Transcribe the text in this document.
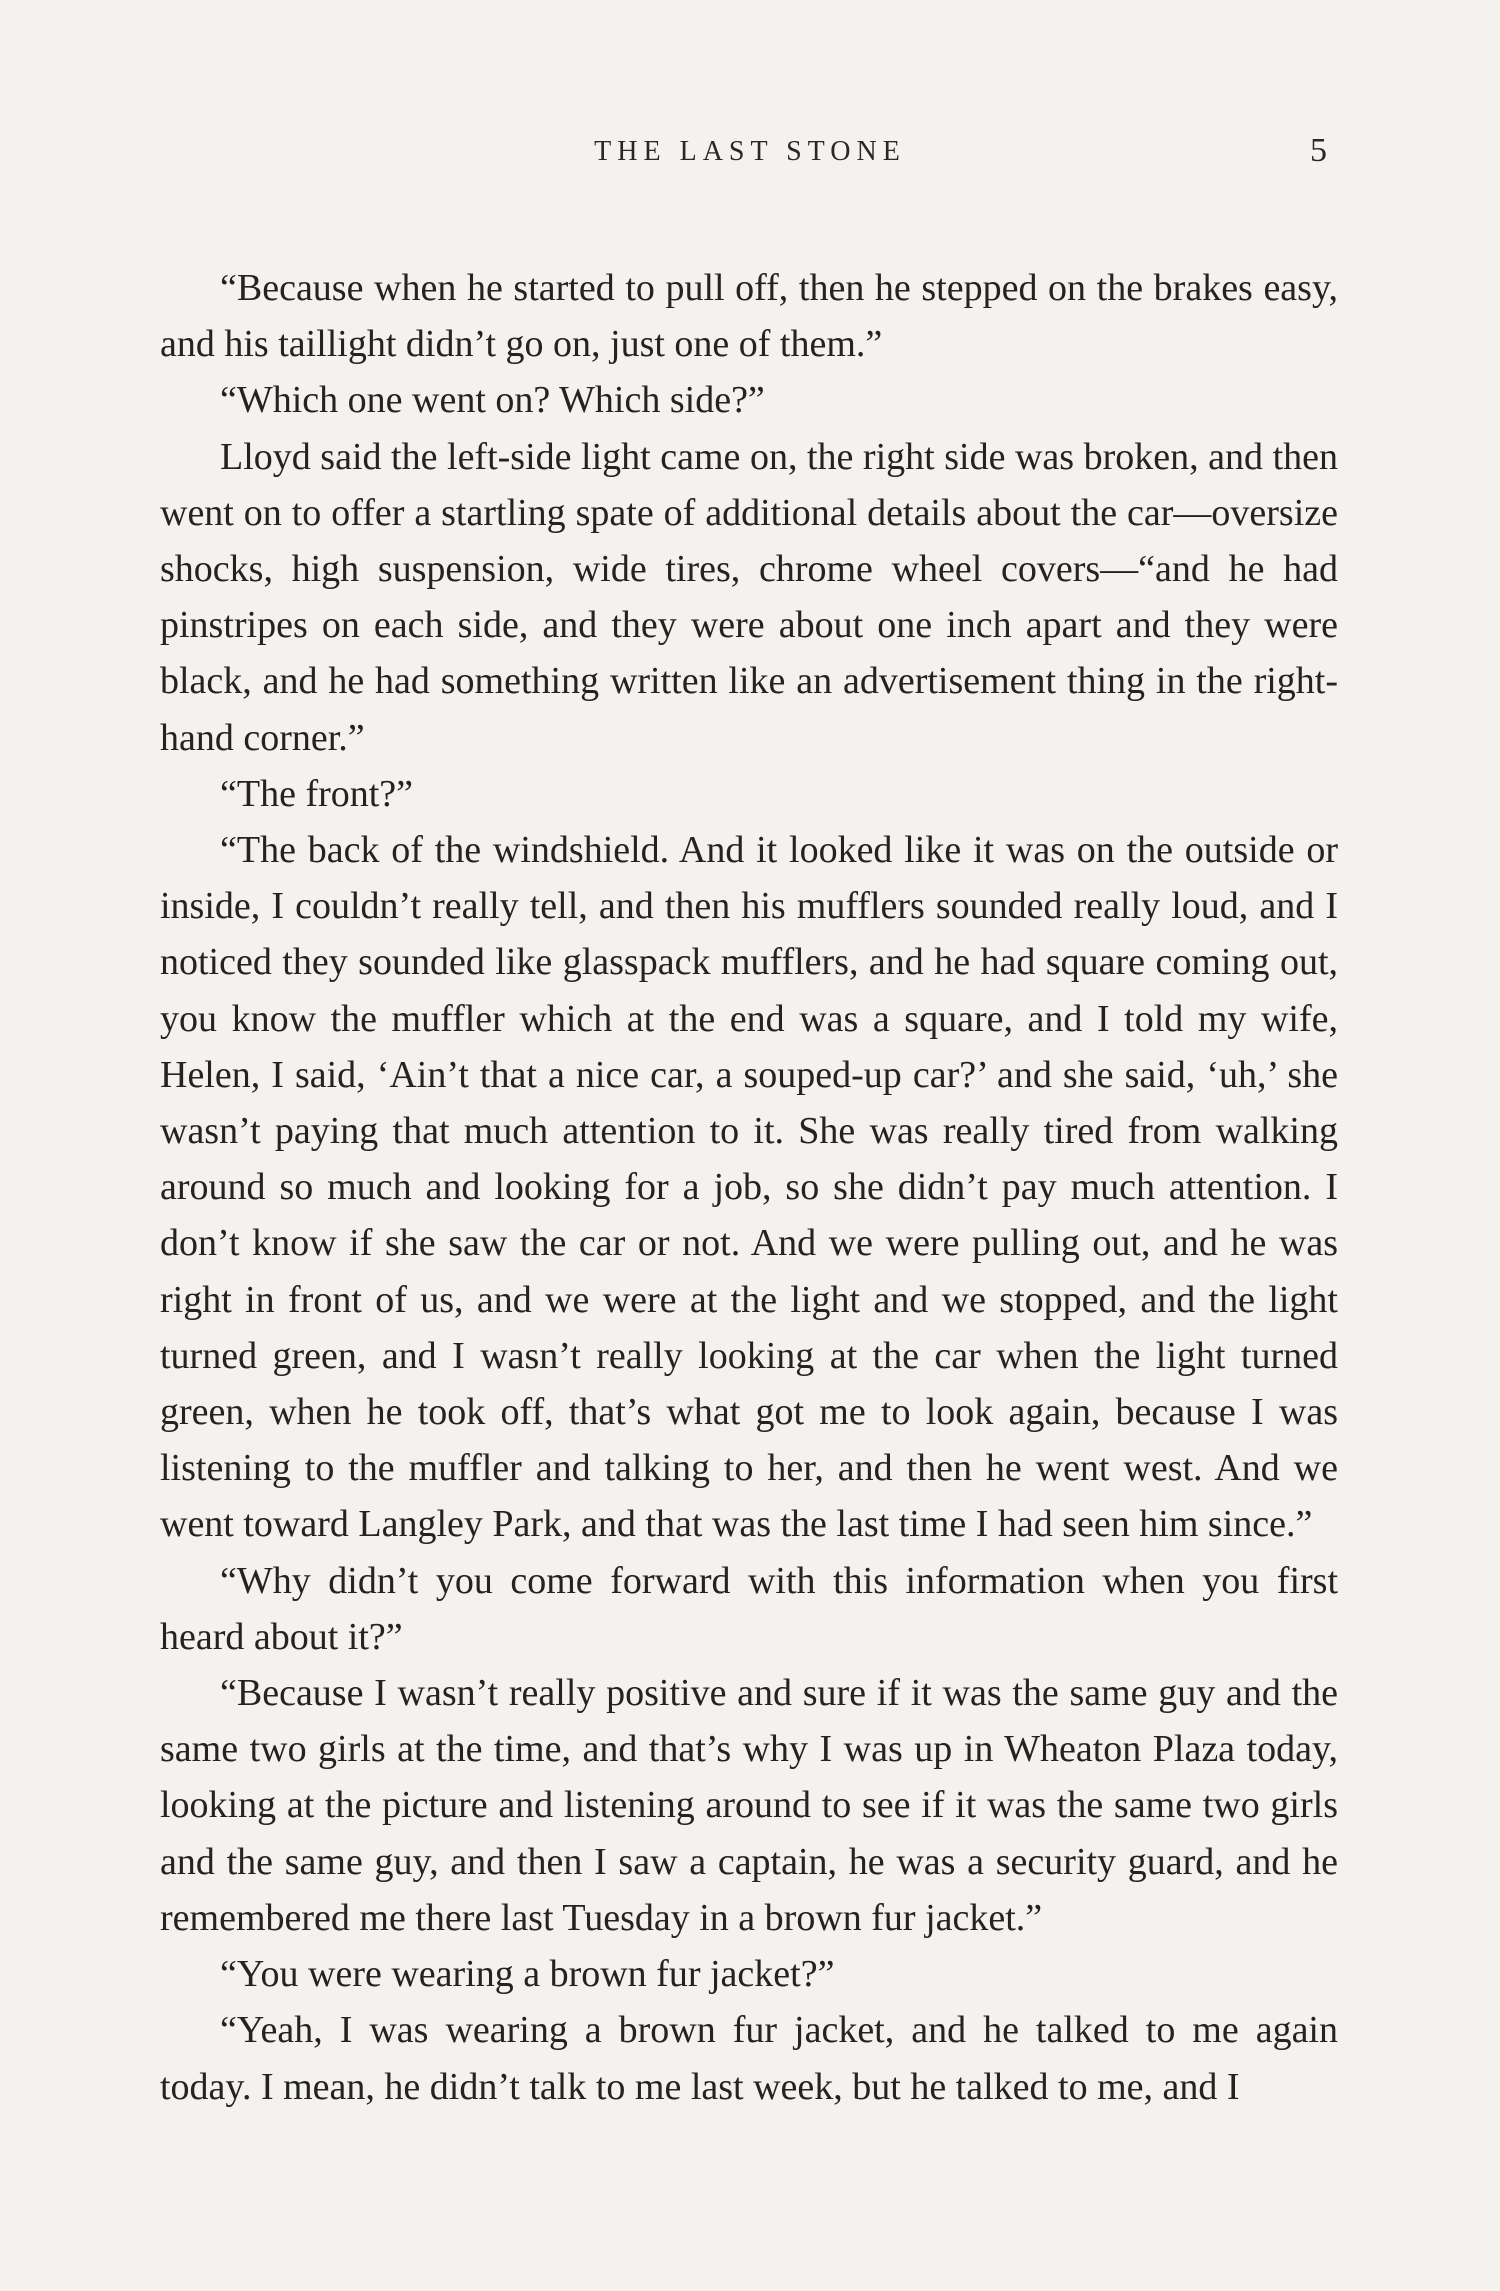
THE LAST STONE	5

“Because when he started to pull off, then he stepped on the brakes easy, and his taillight didn’t go on, just one of them.”

“Which one went on? Which side?”

Lloyd said the left-side light came on, the right side was broken, and then went on to offer a startling spate of additional details about the car—oversize shocks, high suspension, wide tires, chrome wheel covers—“and he had pinstripes on each side, and they were about one inch apart and they were black, and he had something written like an advertisement thing in the right-hand corner.”

“The front?”

“The back of the windshield. And it looked like it was on the outside or inside, I couldn’t really tell, and then his mufflers sounded really loud, and I noticed they sounded like glasspack mufflers, and he had square coming out, you know the muffler which at the end was a square, and I told my wife, Helen, I said, ‘Ain’t that a nice car, a souped-up car?’ and she said, ‘uh,’ she wasn’t paying that much attention to it. She was really tired from walking around so much and looking for a job, so she didn’t pay much attention. I don’t know if she saw the car or not. And we were pulling out, and he was right in front of us, and we were at the light and we stopped, and the light turned green, and I wasn’t really looking at the car when the light turned green, when he took off, that’s what got me to look again, because I was listening to the muffler and talking to her, and then he went west. And we went toward Langley Park, and that was the last time I had seen him since.”

“Why didn’t you come forward with this information when you first heard about it?”

“Because I wasn’t really positive and sure if it was the same guy and the same two girls at the time, and that’s why I was up in Wheaton Plaza today, looking at the picture and listening around to see if it was the same two girls and the same guy, and then I saw a captain, he was a security guard, and he remembered me there last Tuesday in a brown fur jacket.”

“You were wearing a brown fur jacket?”

“Yeah, I was wearing a brown fur jacket, and he talked to me again today. I mean, he didn’t talk to me last week, but he talked to me, and I
